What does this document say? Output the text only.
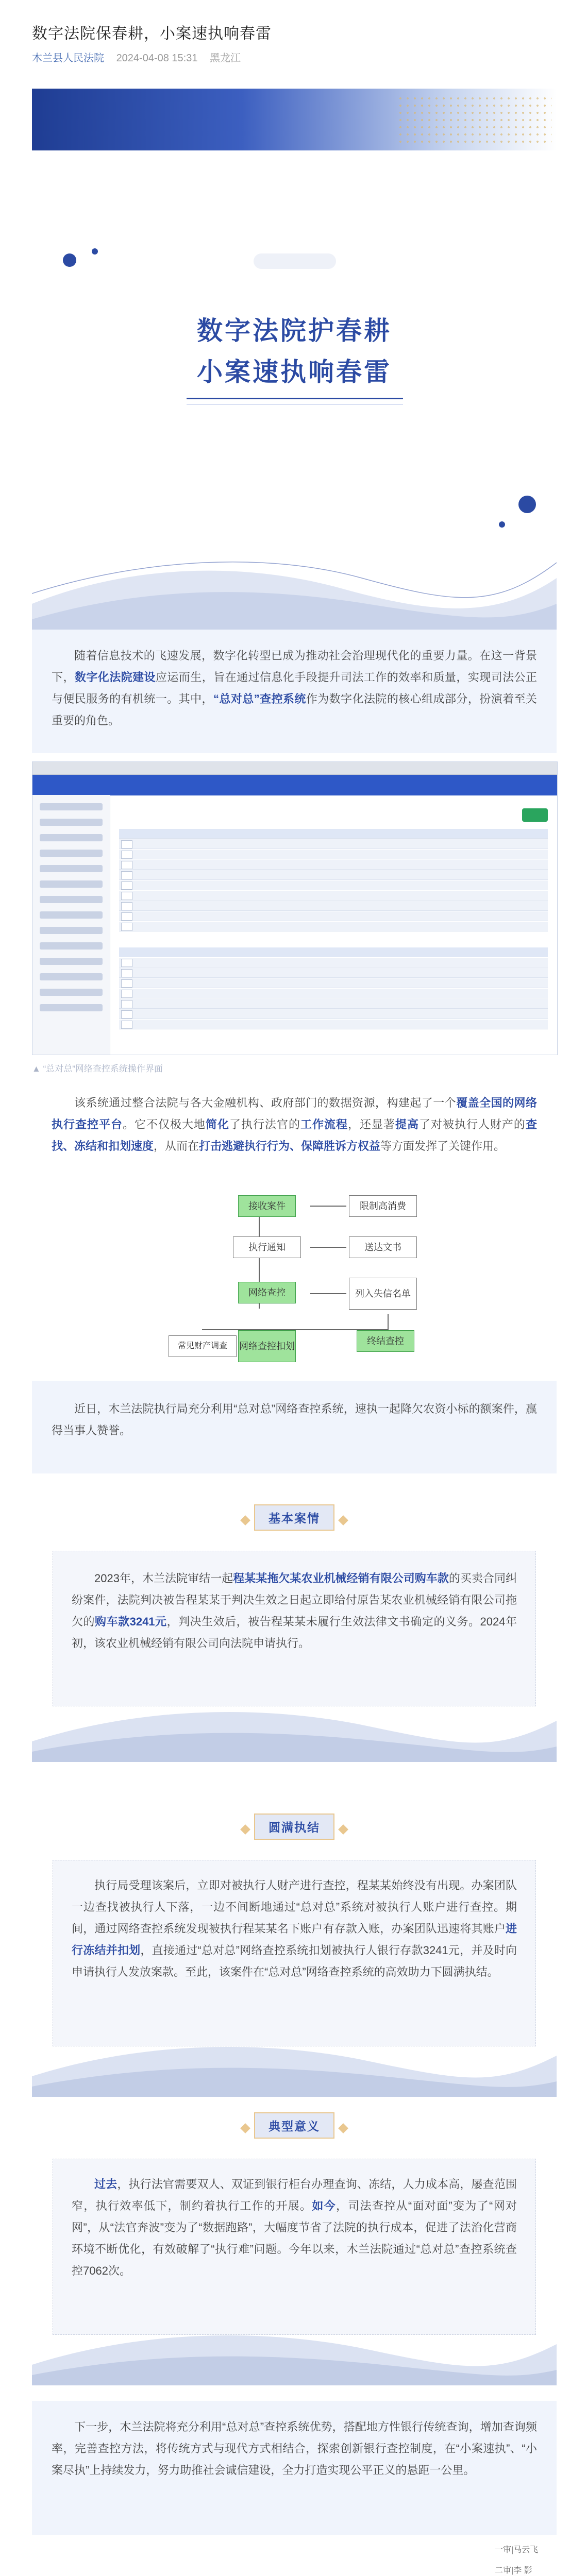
数字法院保春耕，小案速执响春雷
木兰县人民法院 2024-04-08 15:31 黑龙江
数字法院护春耕
小案速执响春雷
随着信息技术的飞速发展，数字化转型已成为推动社会治理现代化的重要力量。在这一背景下，数字化法院建设应运而生，旨在通过信息化手段提升司法工作的效率和质量，实现司法公正与便民服务的有机统一。其中，“总对总”查控系统作为数字化法院的核心组成部分，扮演着至关重要的角色。
▲ “总对总”网络查控系统操作界面
该系统通过整合法院与各大金融机构、政府部门的数据资源，构建起了一个覆盖全国的网络执行查控平台。它不仅极大地简化了执行法官的工作流程，还显著提高了对被执行人财产的查找、冻结和扣划速度，从而在打击逃避执行行为、保障胜诉方权益等方面发挥了关键作用。
接收案件	限制高消费
执行通知	送达文书
网络查控	列入失信名单
常见财产调查	网络查控扣划	终结查控
近日，木兰法院执行局充分利用“总对总”网络查控系统，速执一起降欠农资小标的额案件，赢得当事人赞誉。
基本案情
2023年，木兰法院审结一起程某某拖欠某农业机械经销有限公司购车款的买卖合同纠纷案件，法院判决被告程某某于判决生效之日起立即给付原告某农业机械经销有限公司拖欠的购车款3241元，判决生效后，被告程某某未履行生效法律文书确定的义务。2024年初，该农业机械经销有限公司向法院申请执行。
圆满执结
执行局受理该案后，立即对被执行人财产进行查控，程某某始终没有出现。办案团队一边查找被执行人下落，一边不间断地通过“总对总”系统对被执行人账户进行查控。期间，通过网络查控系统发现被执行程某某名下账户有存款入账，办案团队迅速将其账户进行冻结并扣划，直接通过“总对总”网络查控系统扣划被执行人银行存款3241元，并及时向申请执行人发放案款。至此，该案件在“总对总”网络查控系统的高效助力下圆满执结。
典型意义
过去，执行法官需要双人、双证到银行柜台办理查询、冻结，人力成本高，屡查范围窄，执行效率低下，制约着执行工作的开展。如今，司法查控从“面对面”变为了“网对网”，从“法官奔波”变为了“数据跑路”，大幅度节省了法院的执行成本，促进了法治化营商环境不断优化，有效破解了“执行难”问题。今年以来，木兰法院通过“总对总”查控系统查控7062次。
下一步，木兰法院将充分利用“总对总”查控系统优势，搭配地方性银行传统查询，增加查询频率，完善查控方法，将传统方式与现代方式相结合，探索创新银行查控制度，在“小案速执”、“小案尽执”上持续发力，努力助推社会诚信建设，全力打造实现公平正义的悬距一公里。
一审|马云飞
二审|李 影
